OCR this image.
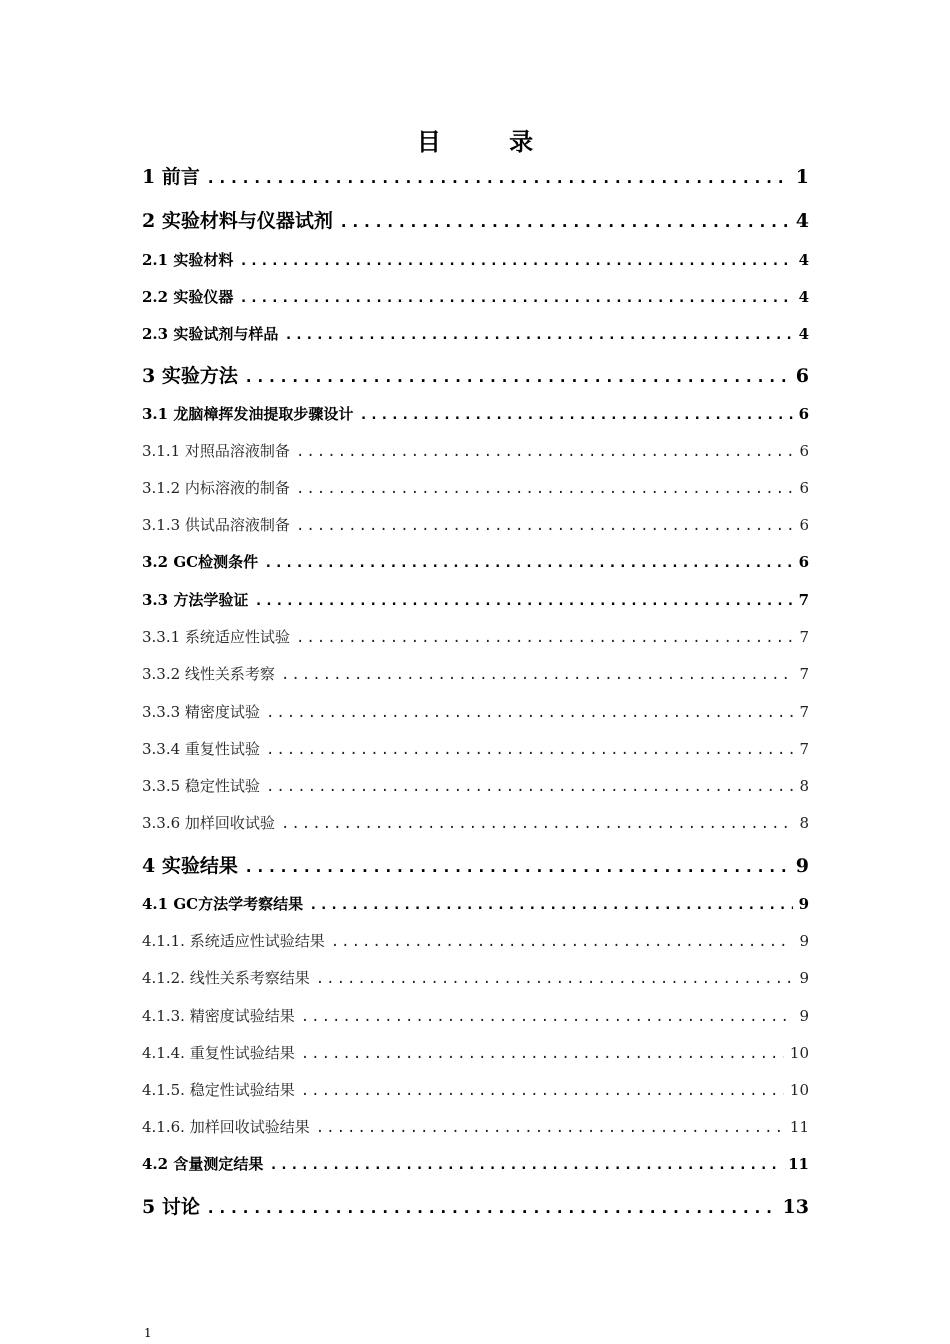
目 录
1 前言 .....	1
2 实验材料与仪器试剂 .....	4
2.1 实验材料 .....	4
2.2 实验仪器 .....	4
2.3 实验试剂与样品 .....	4
3 实验方法 .....	6
3.1 龙脑樟挥发油提取步骤设计 .....	6
3.1.1 对照品溶液制备 .....	6
3.1.2 内标溶液的制备 .....	6
3.1.3 供试品溶液制备 .....	6
3.2 GC检测条件 .....	6
3.3 方法学验证 .....	7
3.3.1 系统适应性试验 .....	7
3.3.2 线性关系考察 .....	7
3.3.3 精密度试验 .....	7
3.3.4 重复性试验 .....	7
3.3.5 稳定性试验 .....	8
3.3.6 加样回收试验 .....	8
4 实验结果 .....	9
4.1 GC方法学考察结果 .....	9
4.1.1. 系统适应性试验结果 .....	9
4.1.2. 线性关系考察结果 .....	9
4.1.3. 精密度试验结果 .....	9
4.1.4. 重复性试验结果 .....	10
4.1.5. 稳定性试验结果 .....	10
4.1.6. 加样回收试验结果 .....	11
4.2 含量测定结果 .....	11
5 讨论 .....	13
1
